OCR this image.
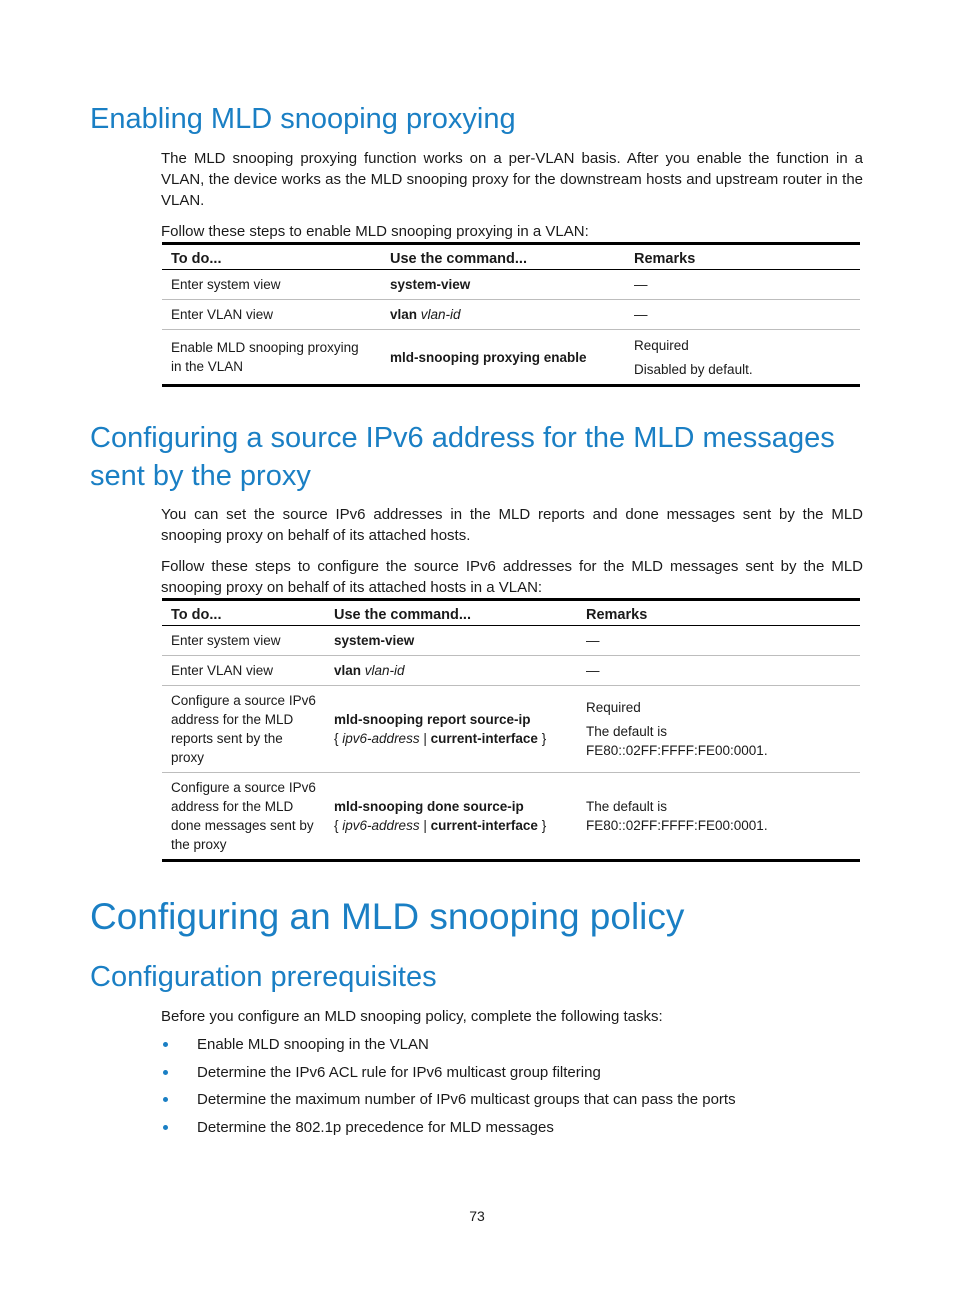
Enabling MLD snooping proxying

The MLD snooping proxying function works on a per-VLAN basis. After you enable the function in a VLAN, the device works as the MLD snooping proxy for the downstream hosts and upstream router in the VLAN.

Follow these steps to enable MLD snooping proxying in a VLAN:

To do...	Use the command...	Remarks
Enter system view	system-view	—
Enter VLAN view	vlan vlan-id	—
Enable MLD snooping proxying in the VLAN	mld-snooping proxying enable	Required
Disabled by default.
Configuring a source IPv6 address for the MLD messages sent by the proxy

You can set the source IPv6 addresses in the MLD reports and done messages sent by the MLD snooping proxy on behalf of its attached hosts.

Follow these steps to configure the source IPv6 addresses for the MLD messages sent by the MLD snooping proxy on behalf of its attached hosts in a VLAN:

To do...	Use the command...	Remarks
Enter system view	system-view	—
Enter VLAN view	vlan vlan-id	—
Configure a source IPv6 address for the MLD reports sent by the proxy	mld-snooping report source-ip
{ ipv6-address | current-interface }	Required
The default is FE80::02FF:FFFF:FE00:0001.

Configure a source IPv6 address for the MLD done messages sent by the proxy	mld-snooping done source-ip
{ ipv6-address | current-interface }	The default is FE80::02FF:FFFF:FE00:0001.
Configuring an MLD snooping policy
Configuration prerequisites

Before you configure an MLD snooping policy, complete the following tasks:

Enable MLD snooping in the VLAN
Determine the IPv6 ACL rule for IPv6 multicast group filtering
Determine the maximum number of IPv6 multicast groups that can pass the ports
Determine the 802.1p precedence for MLD messages
73
